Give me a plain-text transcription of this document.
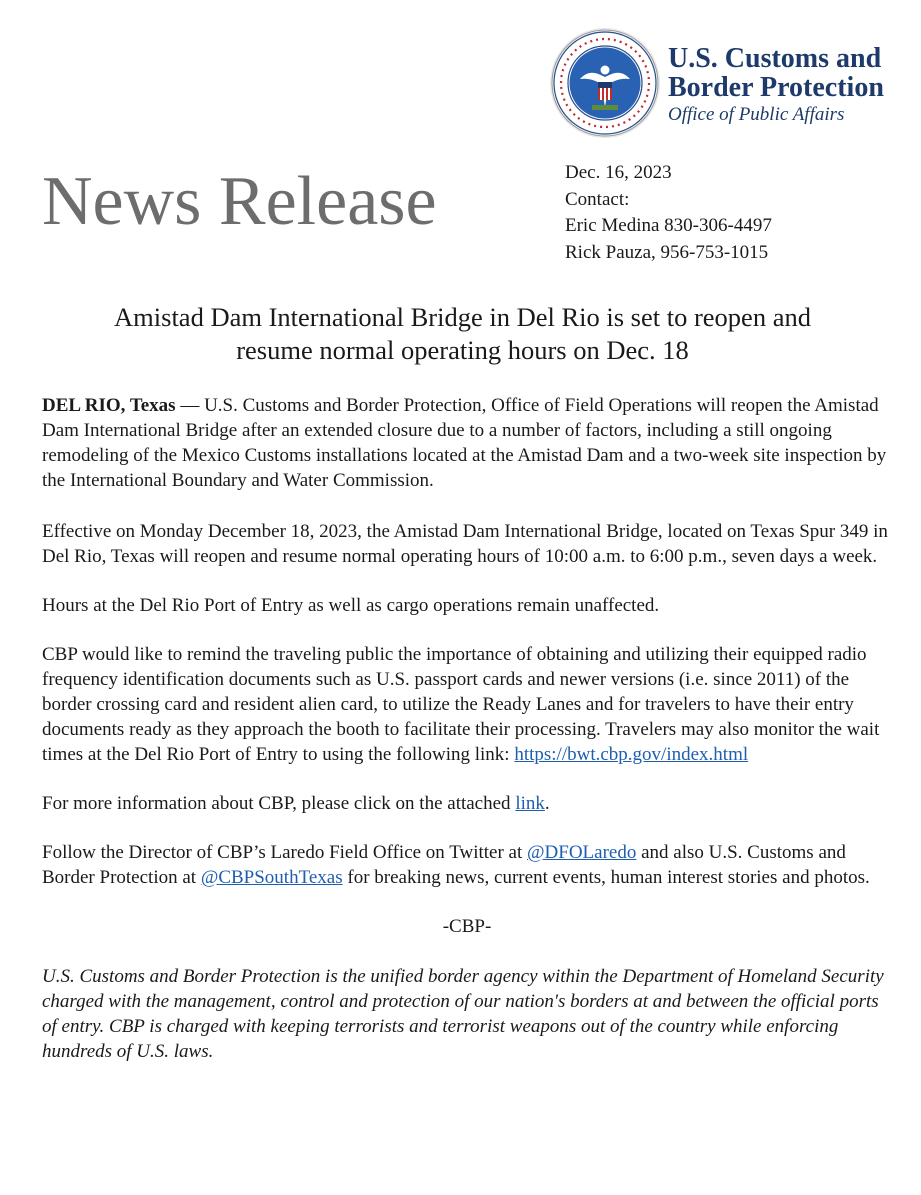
U.S. Customs and
Border Protection
Office of Public Affairs
News Release	Dec. 16, 2023
Contact:
Eric Medina 830-306-4497
Rick Pauza, 956-753-1015
Amistad Dam International Bridge in Del Rio is set to reopen and
resume normal operating hours on Dec. 18

DEL RIO, Texas — U.S. Customs and Border Protection, Office of Field Operations will reopen the Amistad Dam International Bridge after an extended closure due to a number of factors, including a still ongoing remodeling of the Mexico Customs installations located at the Amistad Dam and a two-week site inspection by the International Boundary and Water Commission.

Effective on Monday December 18, 2023, the Amistad Dam International Bridge, located on Texas Spur 349 in Del Rio, Texas will reopen and resume normal operating hours of 10:00 a.m. to 6:00 p.m., seven days a week.

Hours at the Del Rio Port of Entry as well as cargo operations remain unaffected.

CBP would like to remind the traveling public the importance of obtaining and utilizing their equipped radio frequency identification documents such as U.S. passport cards and newer versions (i.e. since 2011) of the border crossing card and resident alien card, to utilize the Ready Lanes and for travelers to have their entry documents ready as they approach the booth to facilitate their processing. Travelers may also monitor the wait times at the Del Rio Port of Entry to using the following link: https://bwt.cbp.gov/index.html

For more information about CBP, please click on the attached link.

Follow the Director of CBP’s Laredo Field Office on Twitter at @DFOLaredo and also U.S. Customs and Border Protection at @CBPSouthTexas for breaking news, current events, human interest stories and photos.

-CBP-

U.S. Customs and Border Protection is the unified border agency within the Department of Homeland Security charged with the management, control and protection of our nation's borders at and between the official ports of entry. CBP is charged with keeping terrorists and terrorist weapons out of the country while enforcing hundreds of U.S. laws.
